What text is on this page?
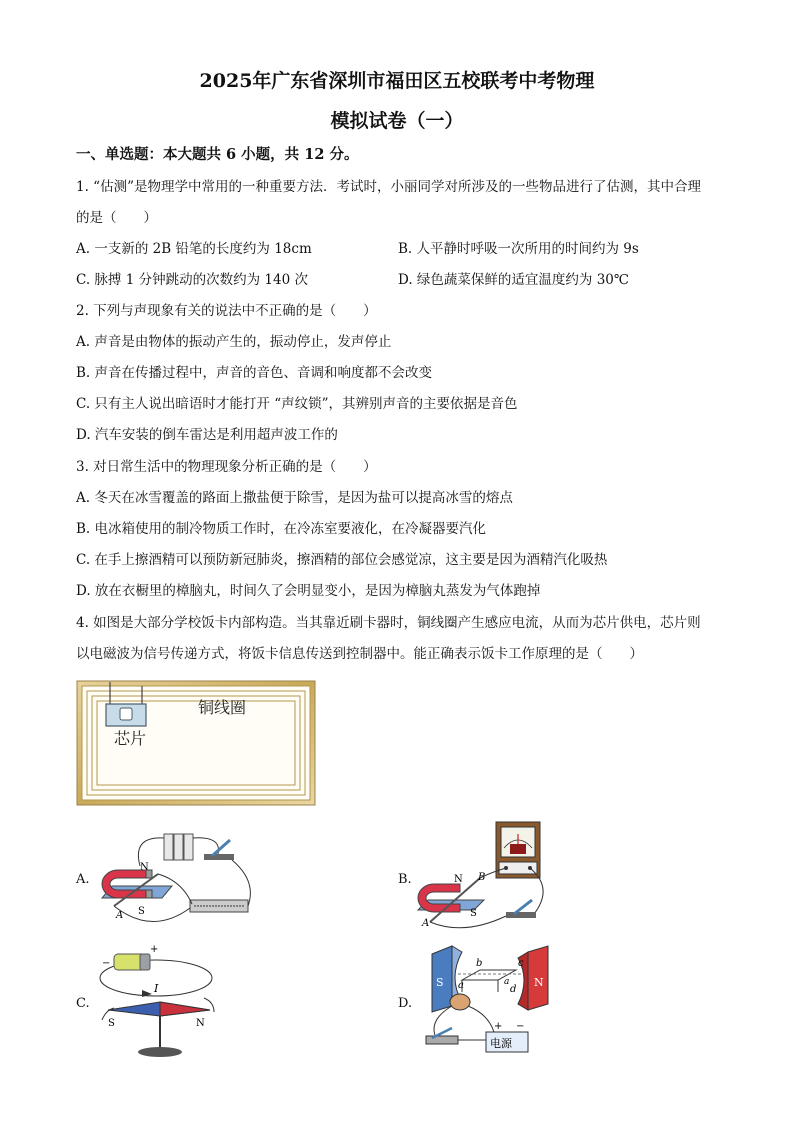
2025年广东省深圳市福田区五校联考中考物理
模拟试卷（一）
一、单选题：本大题共 6 小题，共 12 分。
1. “估测”是物理学中常用的一种重要方法．考试时，小丽同学对所涉及的一些物品进行了估测，其中合理
的是（　　）
A. 一支新的 2B 铅笔的长度约为 18cm	B. 人平静时呼吸一次所用的时间约为 9s
C. 脉搏 1 分钟跳动的次数约为 140 次	D. 绿色蔬菜保鲜的适宜温度约为 30℃
2. 下列与声现象有关的说法中不正确的是（　　）
A. 声音是由物体的振动产生的，振动停止，发声停止
B. 声音在传播过程中，声音的音色、音调和响度都不会改变
C. 只有主人说出暗语时才能打开 “声纹锁”，其辨别声音的主要依据是音色
D. 汽车安装的倒车雷达是利用超声波工作的
3. 对日常生活中的物理现象分析正确的是（　　）
A. 冬天在冰雪覆盖的路面上撒盐便于除雪，是因为盐可以提高冰雪的熔点
B. 电冰箱使用的制冷物质工作时，在冷冻室要液化，在冷凝器要汽化
C. 在手上擦酒精可以预防新冠肺炎，擦酒精的部位会感觉凉，这主要是因为酒精汽化吸热
D. 放在衣橱里的樟脑丸，时间久了会明显变小，是因为樟脑丸蒸发为气体跑掉
4. 如图是大部分学校饭卡内部构造。当其靠近刷卡器时，铜线圈产生感应电流，从而为芯片供电，芯片则
以电磁波为信号传递方式，将饭卡信息传送到控制器中。能正确表示饭卡工作原理的是（　　）
芯片
铜线圈
A.
N
S
A
B.	N
S
A
B
C.
−
+
I
S	N
D.
S	N
b	c
a	d
a
电源
+ −
